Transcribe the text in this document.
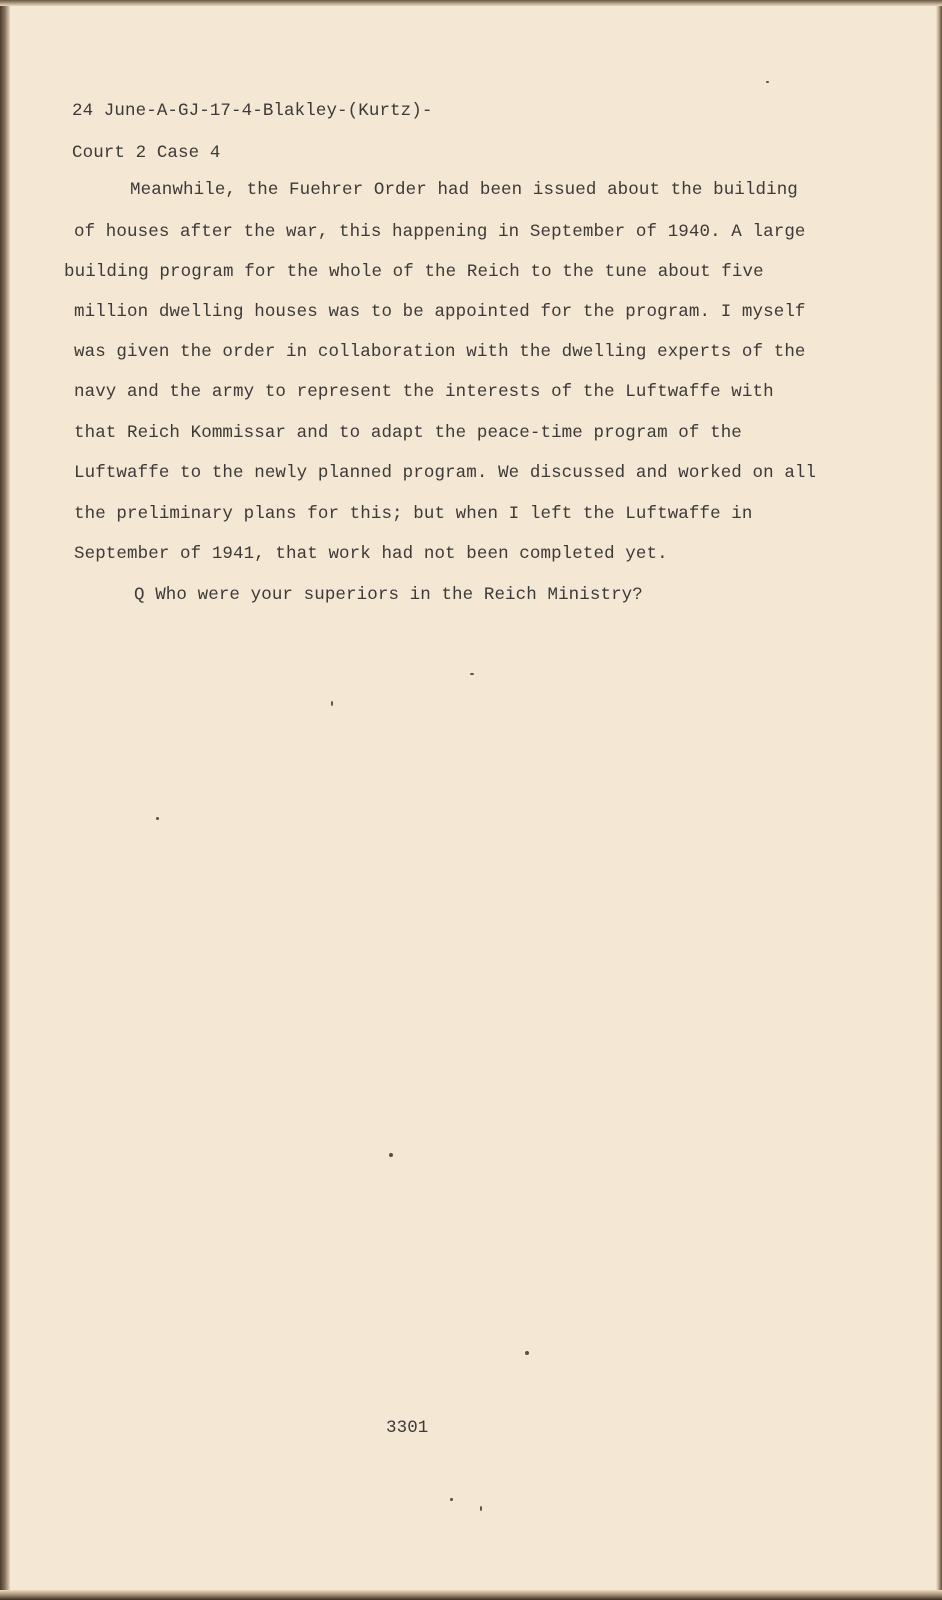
24 June-A-GJ-17-4-Blakley-(Kurtz)-
Court 2 Case 4
Meanwhile, the Fuehrer Order had been issued about the building
of houses after the war, this happening in September of 1940. A large
building program for the whole of the Reich to the tune about five
million dwelling houses was to be appointed for the program. I myself
was given the order in collaboration with the dwelling experts of the
navy and the army to represent the interests of the Luftwaffe with
that Reich Kommissar and to adapt the peace-time program of the
Luftwaffe to the newly planned program. We discussed and worked on all
the preliminary plans for this; but when I left the Luftwaffe in
September of 1941, that work had not been completed yet.
Q Who were your superiors in the Reich Ministry?
3301
